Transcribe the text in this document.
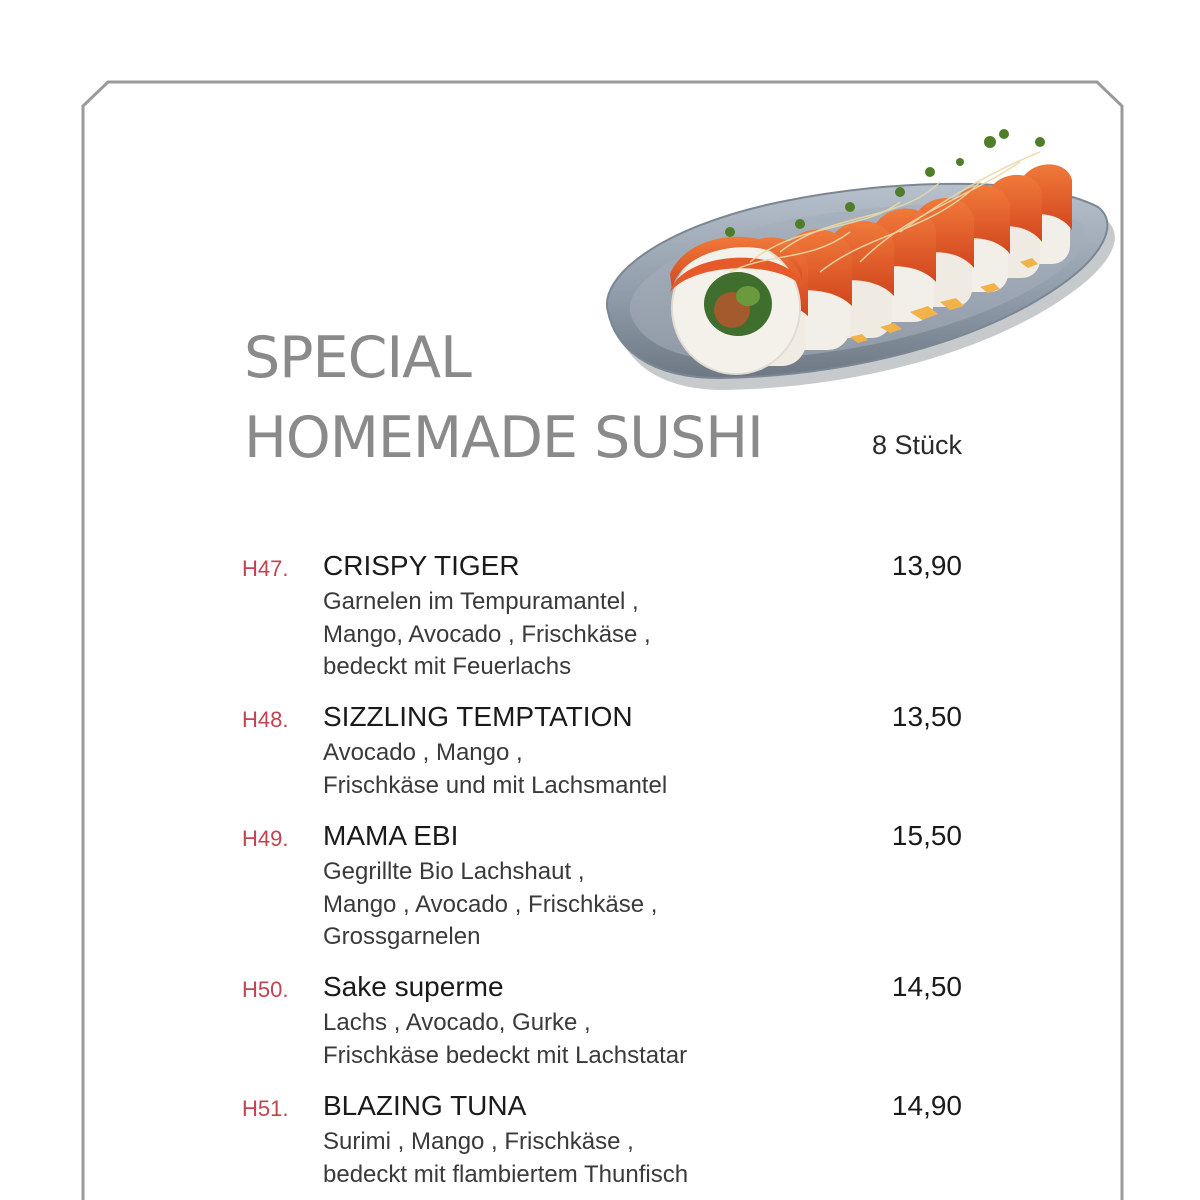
SPECIAL
HOMEMADE SUSHI	8 Stück
H47. CRISPY TIGER	13,90
Garnelen im Tempuramantel ,
Mango, Avocado , Frischkäse ,
bedeckt mit Feuerlachs
H48. SIZZLING TEMPTATION	13,50
Avocado , Mango ,
Frischkäse und mit Lachsmantel
H49. MAMA EBI	15,50
Gegrillte Bio Lachshaut ,
Mango , Avocado , Frischkäse ,
Grossgarnelen
H50. Sake superme	14,50
Lachs , Avocado, Gurke ,
Frischkäse bedeckt mit Lachstatar
H51. BLAZING TUNA	14,90
Surimi , Mango , Frischkäse ,
bedeckt mit flambiertem Thunfisch
